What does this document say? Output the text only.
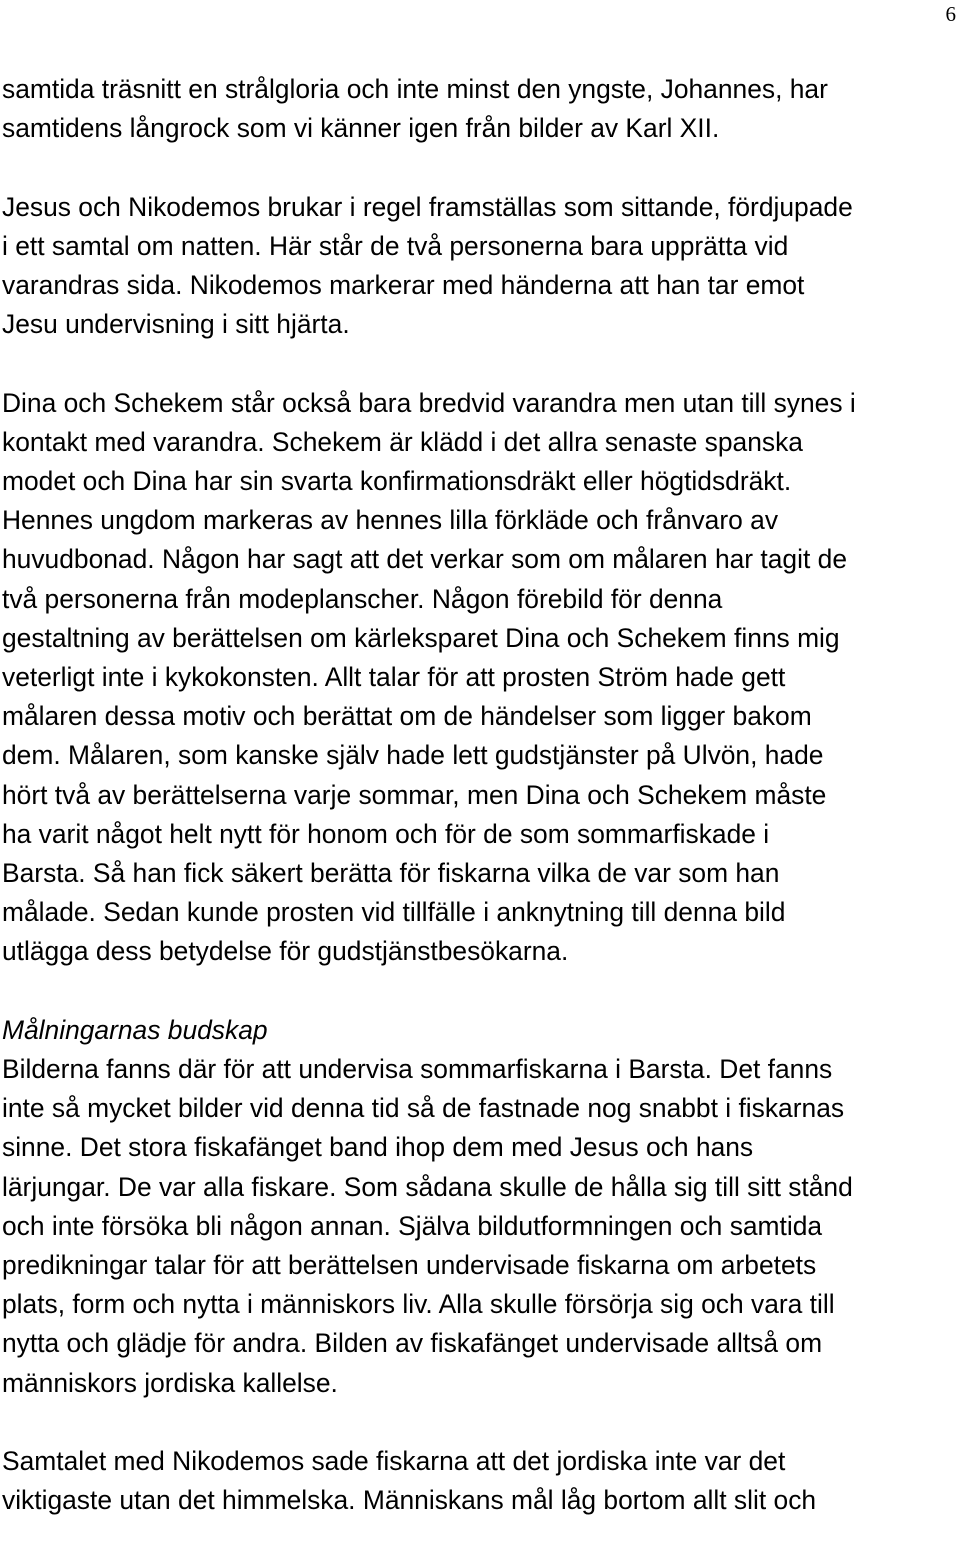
6

samtida träsnitt en strålgloria och inte minst den yngste, Johannes, har
samtidens långrock som vi känner igen från bilder av Karl XII.

Jesus och Nikodemos brukar i regel framställas som sittande, fördjupade
i ett samtal om natten. Här står de två personerna bara upprätta vid
varandras sida. Nikodemos markerar med händerna att han tar emot
Jesu undervisning i sitt hjärta.

Dina och Schekem står också bara bredvid varandra men utan till synes i
kontakt med varandra. Schekem är klädd i det allra senaste spanska
modet och Dina har sin svarta konfirmationsdräkt eller högtidsdräkt.
Hennes ungdom markeras av hennes lilla förkläde och frånvaro av
huvudbonad. Någon har sagt att det verkar som om målaren har tagit de
två personerna från modeplanscher. Någon förebild för denna
gestaltning av berättelsen om kärleksparet Dina och Schekem finns mig
veterligt inte i kykokonsten. Allt talar för att prosten Ström hade gett
målaren dessa motiv och berättat om de händelser som ligger bakom
dem. Målaren, som kanske själv hade lett gudstjänster på Ulvön, hade
hört två av berättelserna varje sommar, men Dina och Schekem måste
ha varit något helt nytt för honom och för de som sommarfiskade i
Barsta. Så han fick säkert berätta för fiskarna vilka de var som han
målade. Sedan kunde prosten vid tillfälle i anknytning till denna bild
utlägga dess betydelse för gudstjänstbesökarna.

Målningarnas budskap
Bilderna fanns där för att undervisa sommarfiskarna i Barsta. Det fanns
inte så mycket bilder vid denna tid så de fastnade nog snabbt i fiskarnas
sinne. Det stora fiskafänget band ihop dem med Jesus och hans
lärjungar. De var alla fiskare. Som sådana skulle de hålla sig till sitt stånd
och inte försöka bli någon annan. Själva bildutformningen och samtida
predikningar talar för att berättelsen undervisade fiskarna om arbetets
plats, form och nytta i människors liv. Alla skulle försörja sig och vara till
nytta och glädje för andra. Bilden av fiskafänget undervisade alltså om
människors jordiska kallelse.

Samtalet med Nikodemos sade fiskarna att det jordiska inte var det
viktigaste utan det himmelska. Människans mål låg bortom allt slit och
